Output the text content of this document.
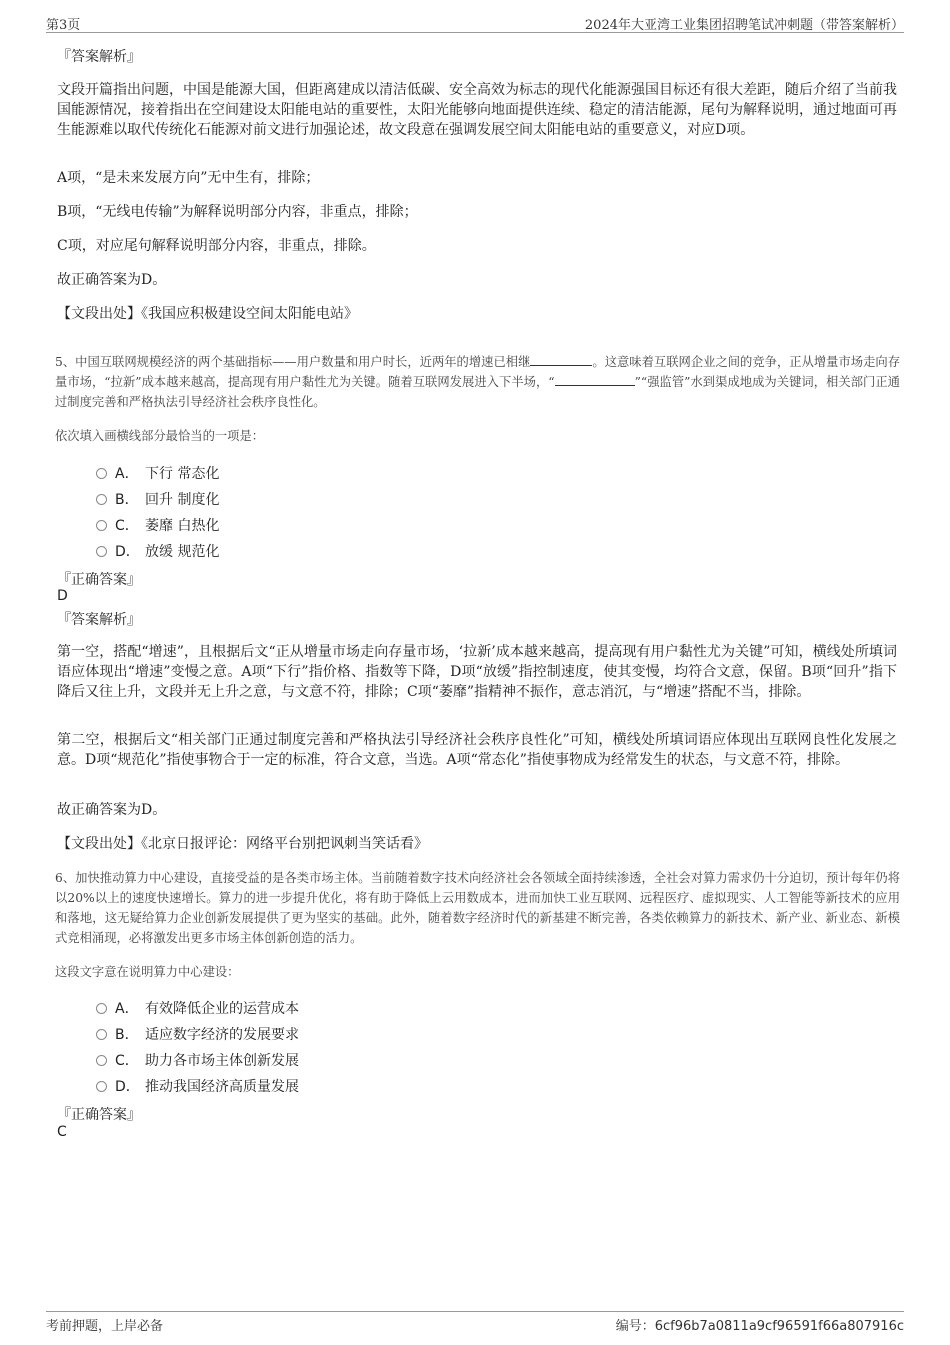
第3页	2024年大亚湾工业集团招聘笔试冲刺题（带答案解析）
『答案解析』
文段开篇指出问题，中国是能源大国，但距离建成以清洁低碳、安全高效为标志的现代化能源强国目标还有很大差距，随后介绍了当前我国能源情况，接着指出在空间建设太阳能电站的重要性，太阳光能够向地面提供连续、稳定的清洁能源，尾句为解释说明，通过地面可再生能源难以取代传统化石能源对前文进行加强论述，故文段意在强调发展空间太阳能电站的重要意义，对应D项。
A项，“是未来发展方向”无中生有，排除；
B项，“无线电传输”为解释说明部分内容，非重点，排除；
C项，对应尾句解释说明部分内容，非重点，排除。
故正确答案为D。
【文段出处】《我国应积极建设空间太阳能电站》
5、中国互联网规模经济的两个基础指标——用户数量和用户时长，近两年的增速已相继	。这意味着互联网企业之间的竞争，正从增量市场走向存量市场，“拉新”成本越来越高，提高现有用户黏性尤为关键。随着互联网发展进入下半场，“	”“强监管”水到渠成地成为关键词，相关部门正通过制度完善和严格执法引导经济社会秩序良性化。
依次填入画横线部分最恰当的一项是：
A． 下行 常态化
B． 回升 制度化
C． 萎靡 白热化
D． 放缓 规范化
『正确答案』
D
『答案解析』
第一空，搭配“增速”，且根据后文“正从增量市场走向存量市场，‘拉新’成本越来越高，提高现有用户黏性尤为关键”可知，横线处所填词语应体现出“增速”变慢之意。A项“下行”指价格、指数等下降，D项“放缓”指控制速度，使其变慢，均符合文意，保留。B项“回升”指下降后又往上升，文段并无上升之意，与文意不符，排除；C项“萎靡”指精神不振作，意志消沉，与“增速”搭配不当，排除。
第二空，根据后文“相关部门正通过制度完善和严格执法引导经济社会秩序良性化”可知，横线处所填词语应体现出互联网良性化发展之意。D项“规范化”指使事物合于一定的标准，符合文意，当选。A项“常态化”指使事物成为经常发生的状态，与文意不符，排除。
故正确答案为D。
【文段出处】《北京日报评论：网络平台别把讽刺当笑话看》
6、加快推动算力中心建设，直接受益的是各类市场主体。当前随着数字技术向经济社会各领域全面持续渗透，全社会对算力需求仍十分迫切，预计每年仍将以20%以上的速度快速增长。算力的进一步提升优化，将有助于降低上云用数成本，进而加快工业互联网、远程医疗、虚拟现实、人工智能等新技术的应用和落地，这无疑给算力企业创新发展提供了更为坚实的基础。此外，随着数字经济时代的新基建不断完善，各类依赖算力的新技术、新产业、新业态、新模式竞相涌现，必将激发出更多市场主体创新创造的活力。
这段文字意在说明算力中心建设：
A． 有效降低企业的运营成本
B． 适应数字经济的发展要求
C． 助力各市场主体创新发展
D． 推动我国经济高质量发展
『正确答案』
C
考前押题，上岸必备	编号：6cf96b7a0811a9cf96591f66a807916c
